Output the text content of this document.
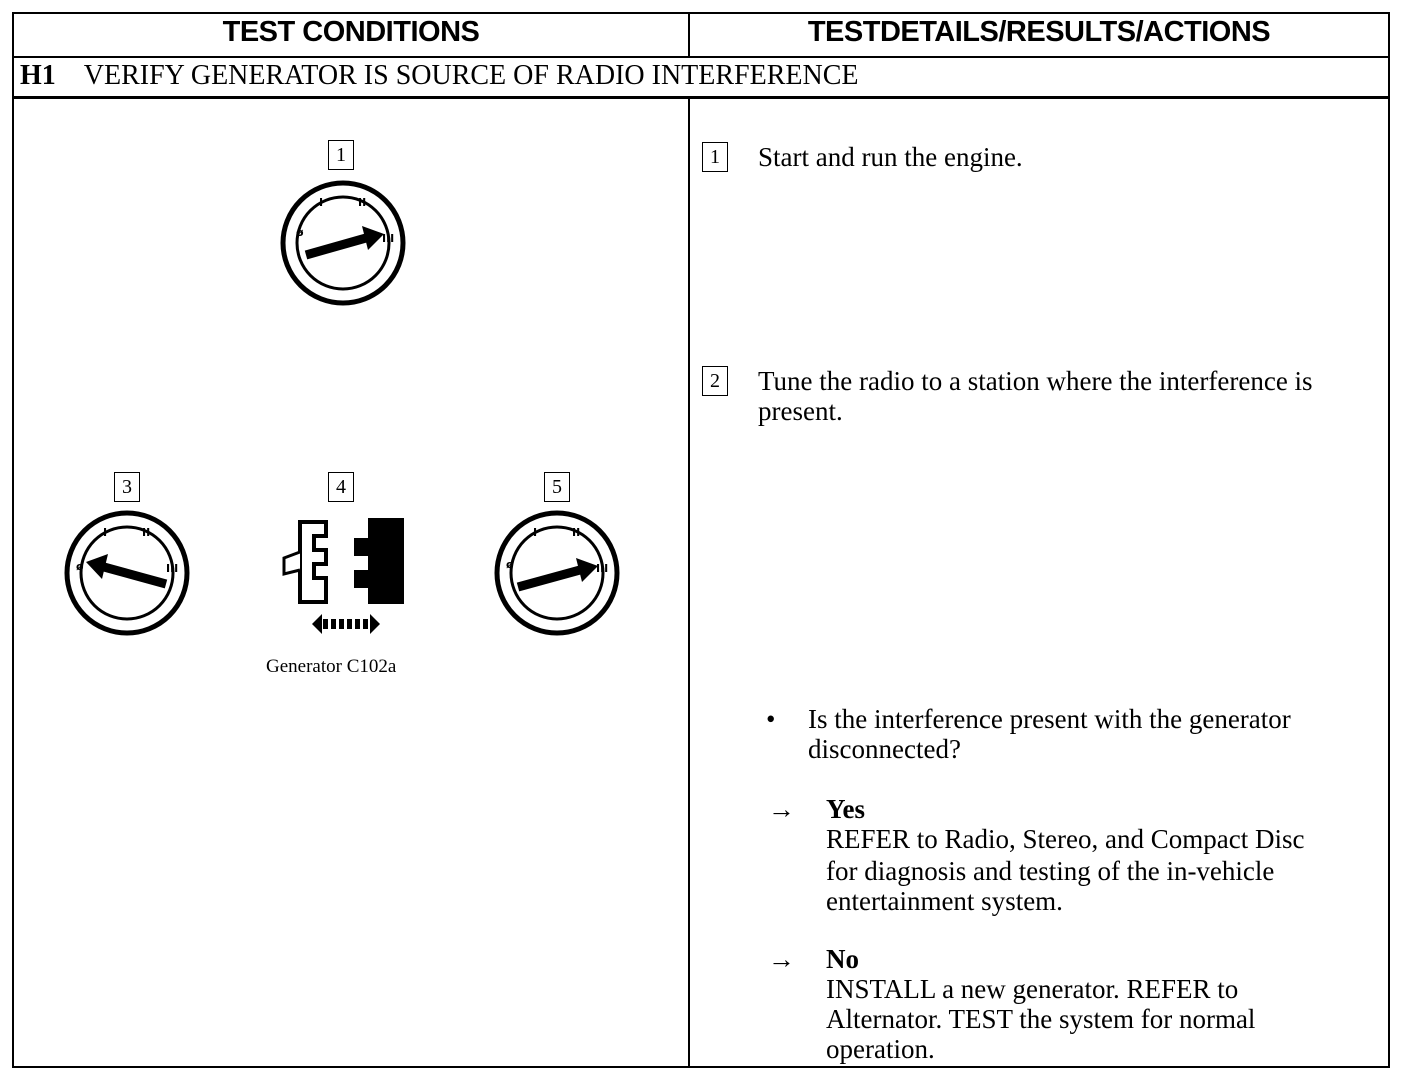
TEST CONDITIONS	TESTDETAILS/RESULTS/ACTIONS
H1 VERIFY GENERATOR IS SOURCE OF RADIO INTERFERENCE
1
ø
I	II
III
3
ø
I	II
III
4
Generator C102a
5
ø
I	II
III
1 Start and run the engine.
2 Tune the radio to a station where the interference is
present.
• Is the interference present with the generator
disconnected?
→ Yes
REFER to Radio, Stereo, and Compact Disc
for diagnosis and testing of the in-vehicle
entertainment system.
→ No
INSTALL a new generator. REFER to
Alternator. TEST the system for normal
operation.
